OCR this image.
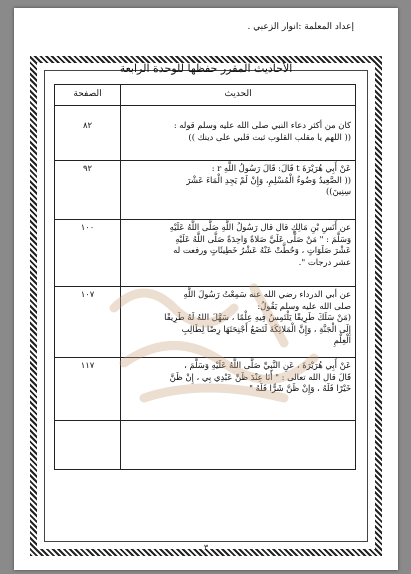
إعداد المعلمة :انوار الزعبي .
الأحاديث المقرر حفظها للوحدة الرابعة
الحديث	الصفحة

كان من أكثر دعاء النبي صلى الله عليه وسلم قوله :

(( اللهم يا مقلب القلوب ثبت قلبي على دينك ))	٨٢

عَنْ أَبِي هُرَيْرَةَ t قَالَ: قَالَ رَسُولُ اللَّهِ r :

(( الصَّعِيدُ وَضُوءُ الْمُسْلِمِ، وَإِنْ لَمْ يَجِدِ الْمَاءَ عَشْرَ

سِنِينَ))	٩٢

عن أَنَسِ بْنِ مَالِكٍ قال قال رَسُولُ اللَّهِ صَلَّى اللَّهُ عَلَيْهِ

وَسَلَّمَ : " مَنْ صَلَّى عَلَيَّ صَلاةً وَاحِدَةً صَلَّى اللَّهُ عَلَيْهِ

عَشْرَ صَلَوَاتٍ ، وَحُطَّتْ عَنْهُ عَشْرُ خَطِيئَاتٍ ورفعت له

عشر درجات ".	١٠٠

عن أبي الدرداء رضي الله عنه سَمِعْتُ رَسُولَ اللَّهِ

صلى الله عليه وسلم يَقُولُ:

(مَنْ سَلَكَ طَرِيقًا يَلْتَمِسُ فِيهِ عِلْمًا ، سَهَّلَ اللهُ لَهُ طَرِيقًا

إِلَى الْجَنَّةِ ، وَإِنَّ الْمَلائِكَةَ لَتَضَعُ أَجْنِحَتَهَا رِضًا لِطَالِبِ

الْعِلْمِ	١٠٧

عَنْ أَبِي هُرَيْرَةَ ، عَنِ النَّبِيِّ صَلَّى اللَّهُ عَلَيْهِ وَسَلَّمَ ،

قَالَ قال الله تعالى : " أَنَا عِنْدَ ظَنِّ عَبْدِي بِي ، إِنْ ظَنَّ

خَيْرًا فَلَهُ ، وَإِنْ ظَنَّ شَرًّا فَلَهُ "	١١٧

٣
